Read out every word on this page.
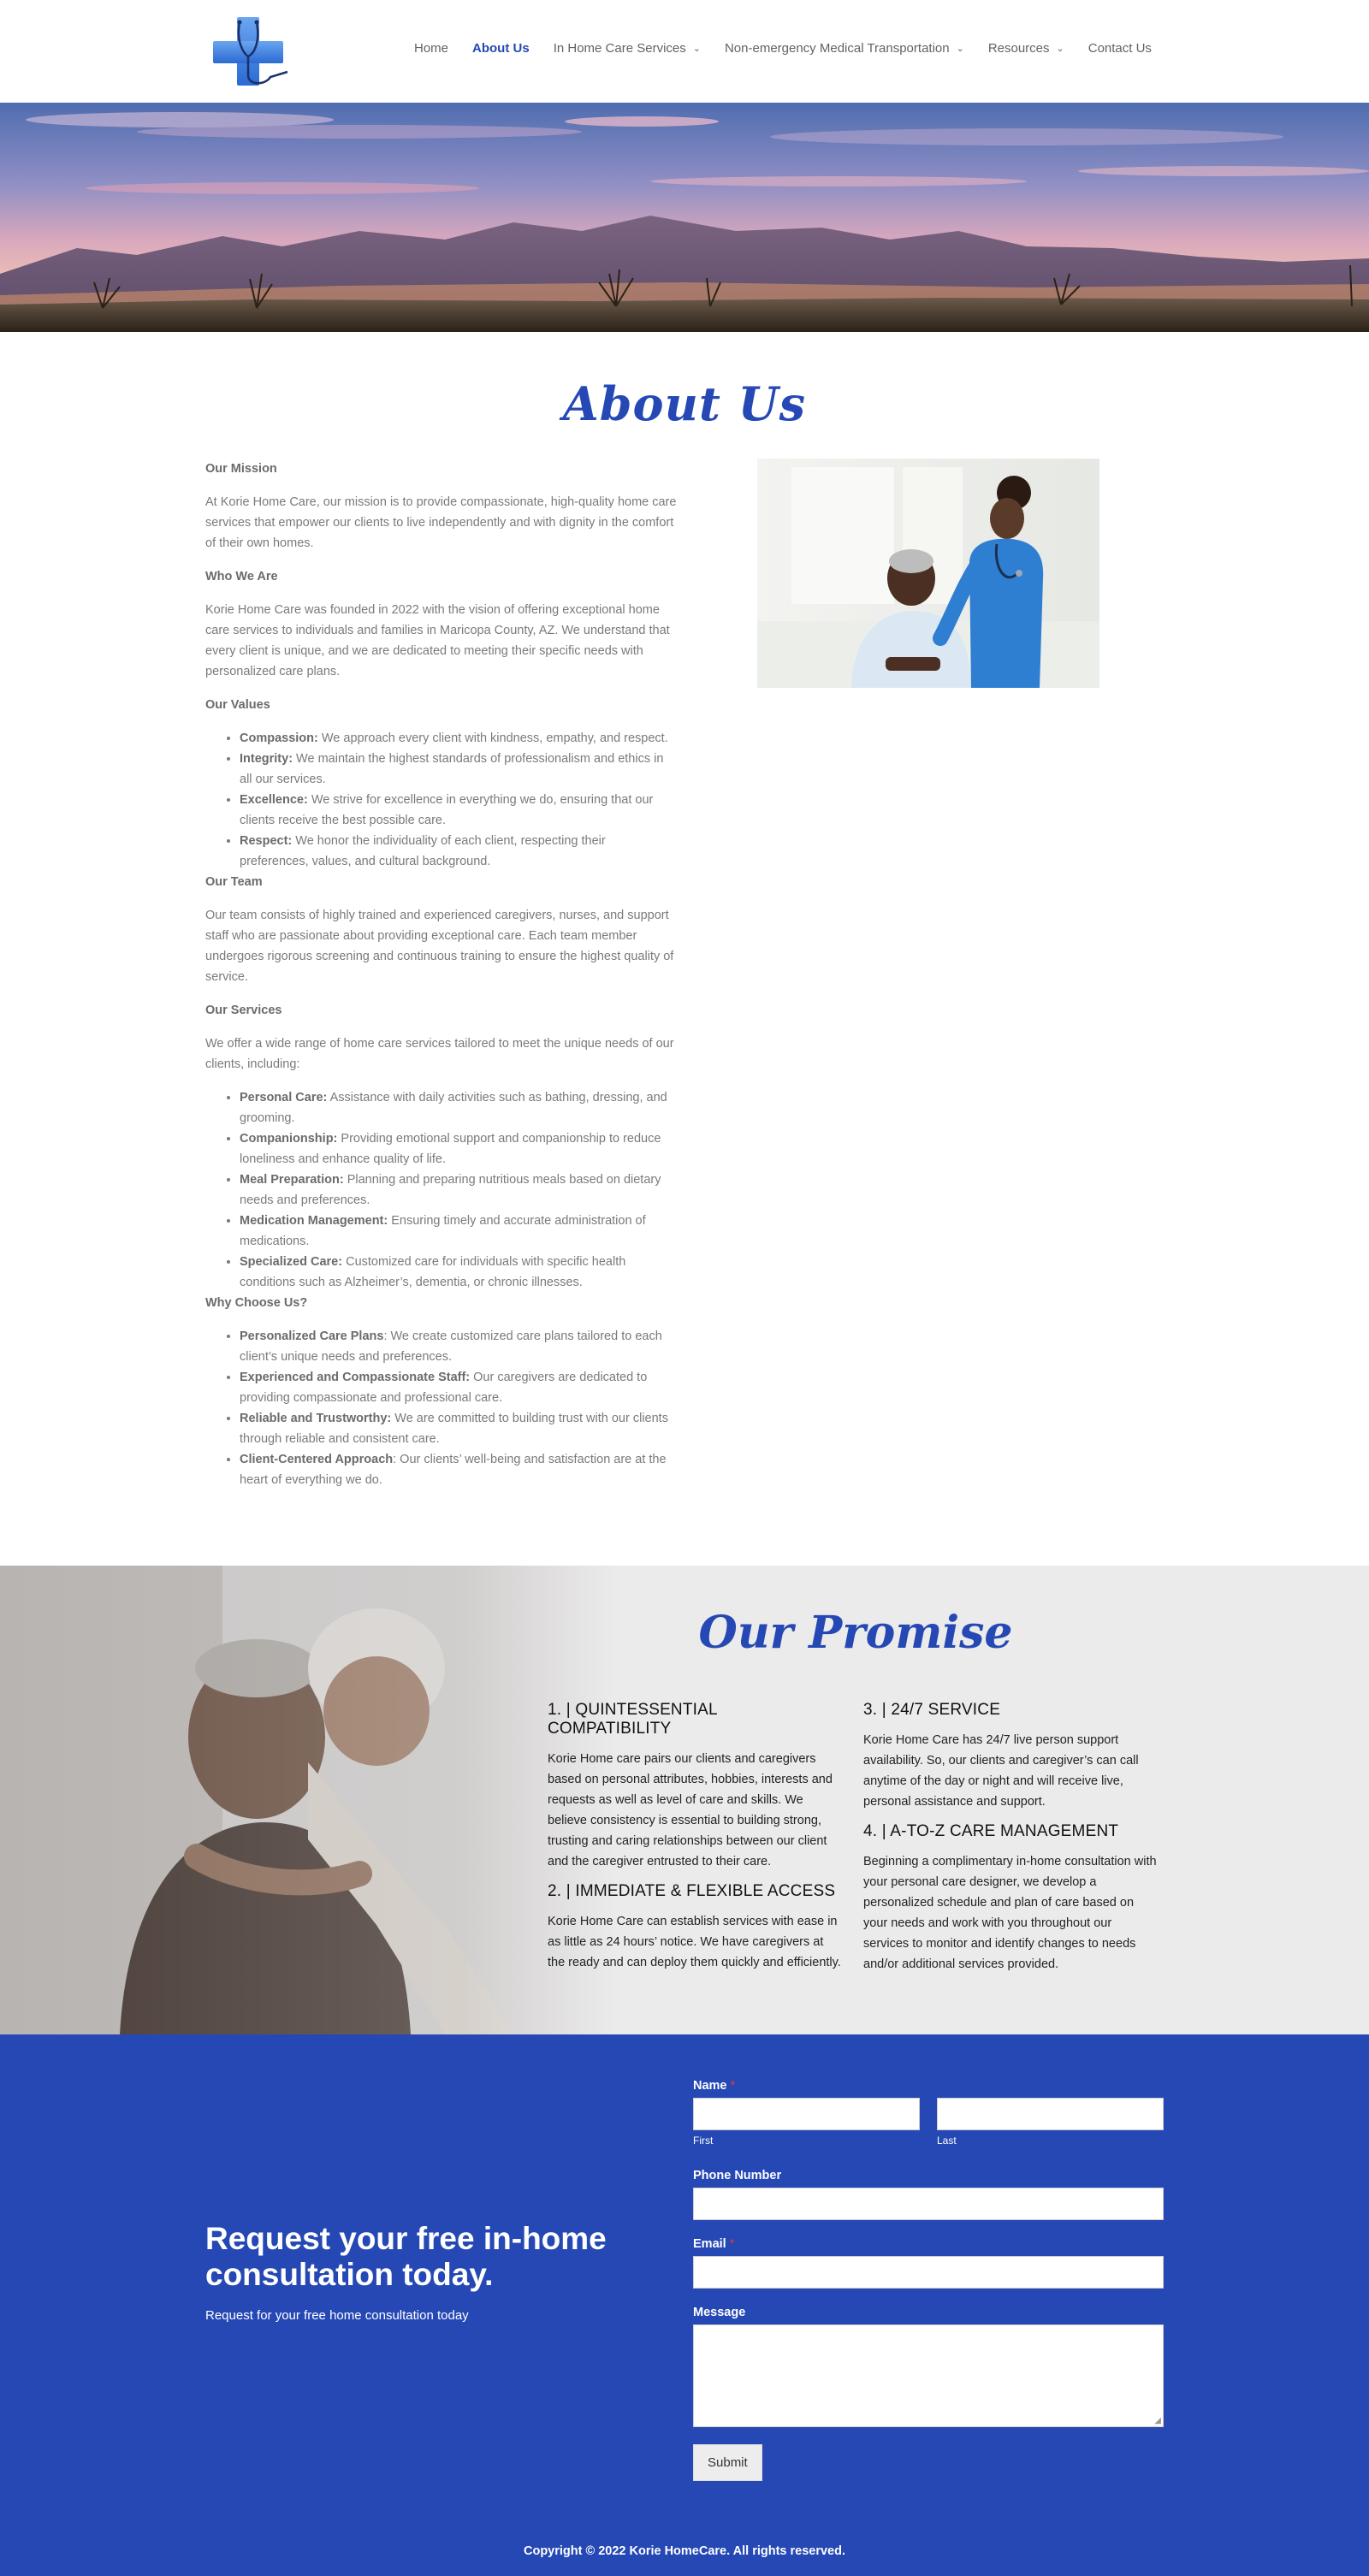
Home About Us In Home Care Services ⌄ Non-emergency Medical Transportation ⌄ Resources ⌄ Contact Us
About Us
Our Mission

At Korie Home Care, our mission is to provide compassionate, high-quality home care services that empower our clients to live independently and with dignity in the comfort of their own homes.

Who We Are

Korie Home Care was founded in 2022 with the vision of offering exceptional home care services to individuals and families in Maricopa County, AZ. We understand that every client is unique, and we are dedicated to meeting their specific needs with personalized care plans.

Our Values
• Compassion: We approach every client with kindness, empathy, and respect.
• Integrity: We maintain the highest standards of professionalism and ethics in all our services.
• Excellence: We strive for excellence in everything we do, ensuring that our clients receive the best possible care.
• Respect: We honor the individuality of each client, respecting their preferences, values, and cultural background.
Our Team

Our team consists of highly trained and experienced caregivers, nurses, and support staff who are passionate about providing exceptional care. Each team member undergoes rigorous screening and continuous training to ensure the highest quality of service.

Our Services

We offer a wide range of home care services tailored to meet the unique needs of our clients, including:

• Personal Care: Assistance with daily activities such as bathing, dressing, and grooming.
• Companionship: Providing emotional support and companionship to reduce loneliness and enhance quality of life.
• Meal Preparation: Planning and preparing nutritious meals based on dietary needs and preferences.
• Medication Management: Ensuring timely and accurate administration of medications.
• Specialized Care: Customized care for individuals with specific health conditions such as Alzheimer’s, dementia, or chronic illnesses.
Why Choose Us?
• Personalized Care Plans: We create customized care plans tailored to each client’s unique needs and preferences.
• Experienced and Compassionate Staff: Our caregivers are dedicated to providing compassionate and professional care.
• Reliable and Trustworthy: We are committed to building trust with our clients through reliable and consistent care.
• Client-Centered Approach: Our clients’ well-being and satisfaction are at the heart of everything we do.
Our Promise
1. | QUINTESSENTIAL COMPATIBILITY

Korie Home care pairs our clients and caregivers based on personal attributes, hobbies, interests and requests as well as level of care and skills. We believe consistency is essential to building strong, trusting and caring relationships between our client and the caregiver entrusted to their care.

2. | IMMEDIATE & FLEXIBLE ACCESS

Korie Home Care can establish services with ease in as little as 24 hours’ notice. We have caregivers at the ready and can deploy them quickly and efficiently.

3. | 24/7 SERVICE

Korie Home Care has 24/7 live person support availability. So, our clients and caregiver’s can call anytime of the day or night and will receive live, personal assistance and support.

4. | A-TO-Z CARE MANAGEMENT

Beginning a complimentary in-home consultation with your personal care designer, we develop a personalized schedule and plan of care based on your needs and work with you throughout our services to monitor and identify changes to needs and/or additional services provided.

Request your free in-home consultation today.
Request for your free home consultation today
Name *
First	Last
Phone Number
Email *
Message
◢
Submit
Copyright © 2022 Korie HomeCare. All rights reserved.
